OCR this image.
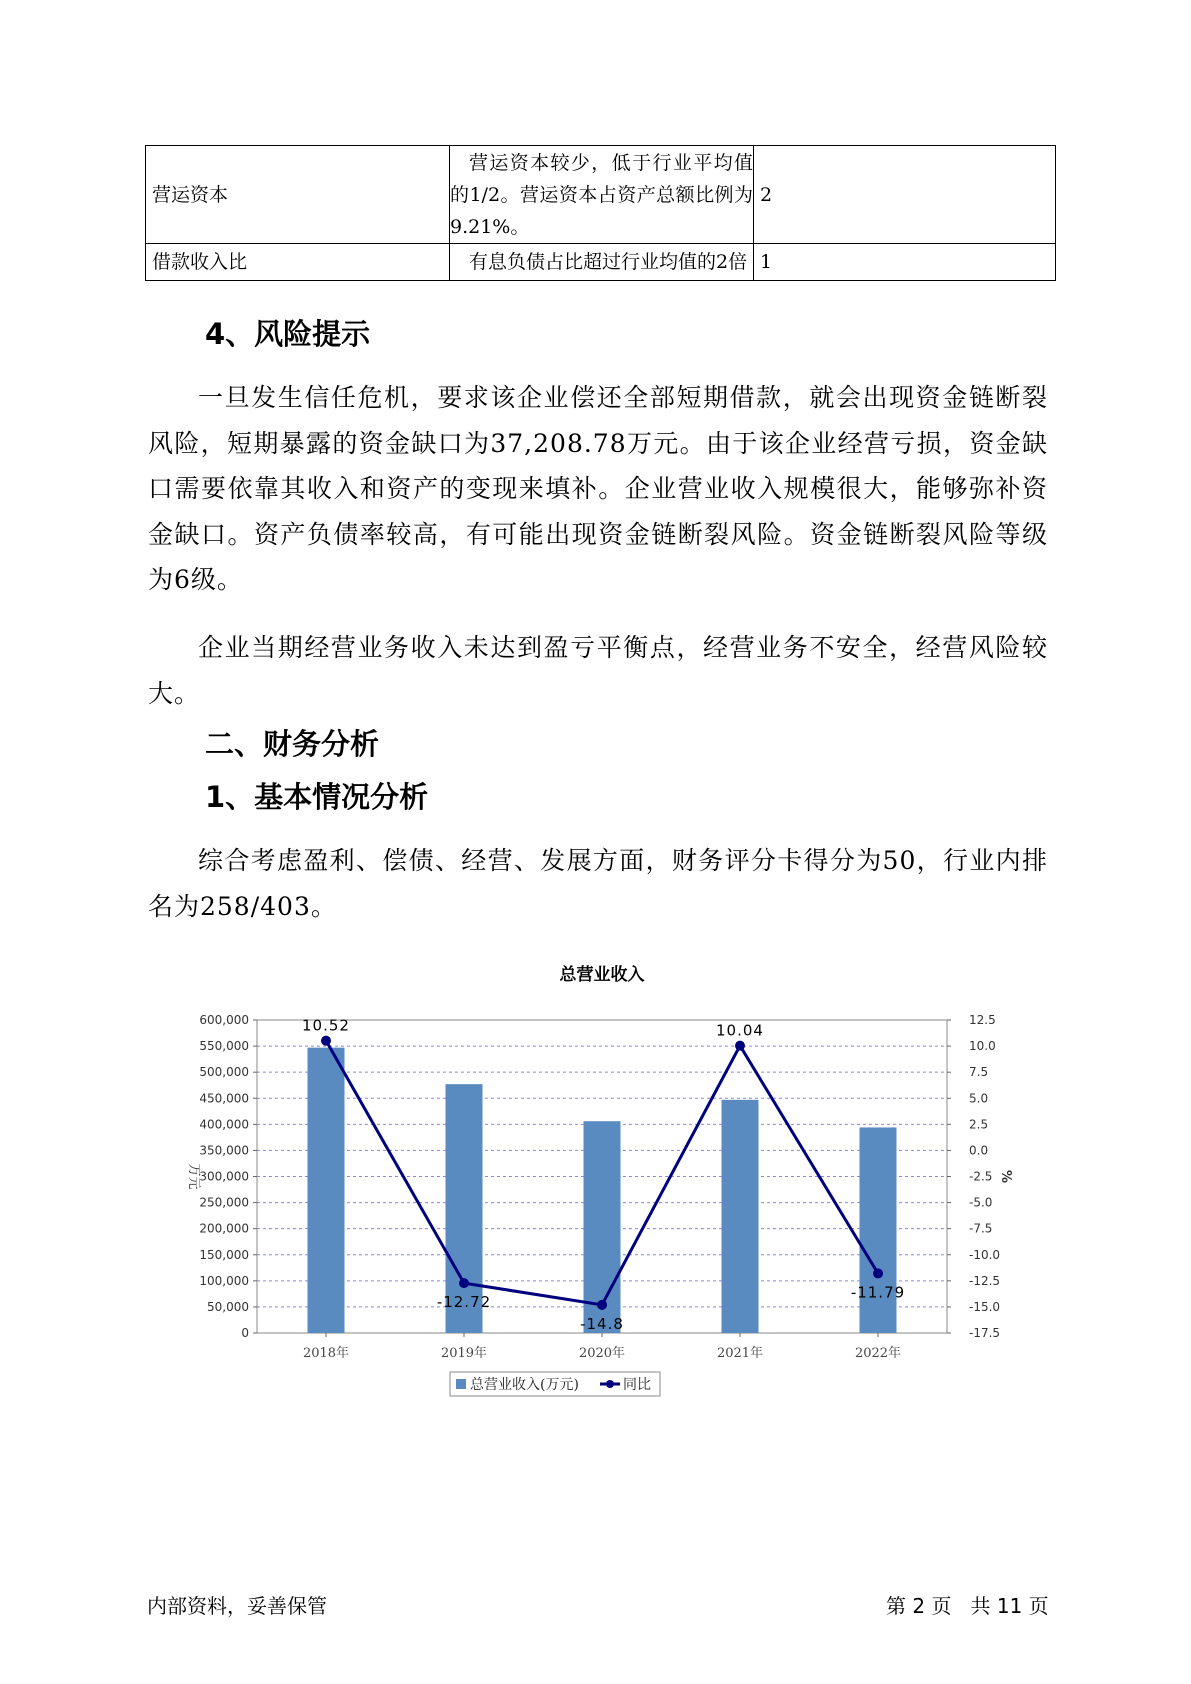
营运资本	营运资本较少，低于行业平均值的1/2。营运资本占资产总额比例为9.21%。	2
借款收入比	有息负债占比超过行业均值的2倍	1
4、风险提示

一旦发生信任危机，要求该企业偿还全部短期借款，就会出现资金链断裂风险，短期暴露的资金缺口为37,208.78万元。由于该企业经营亏损，资金缺口需要依靠其收入和资产的变现来填补。企业营业收入规模很大，能够弥补资金缺口。资产负债率较高，有可能出现资金链断裂风险。资金链断裂风险等级为6级。

企业当期经营业务收入未达到盈亏平衡点，经营业务不安全，经营风险较大。

二、财务分析
1、基本情况分析

综合考虑盈利、偿债、经营、发展方面，财务评分卡得分为50，行业内排名为258/403。

总营业收入
600,000
550,000
500,000
450,000
400,000
350,000
300,000
250,000
200,000
150,000
100,000
50,000
0
12.5
10.0
7.5
5.0
2.5
0.0
-2.5
-5.0
-7.5
-10.0
-12.5
-15.0
-17.5
万元	%
2018年	2019年	2020年	2021年	2022年
10.52
-12.72
-14.8
10.04
-11.79
总营业收入(万元)	同比
内部资料，妥善保管	第 2 页   共 11 页
